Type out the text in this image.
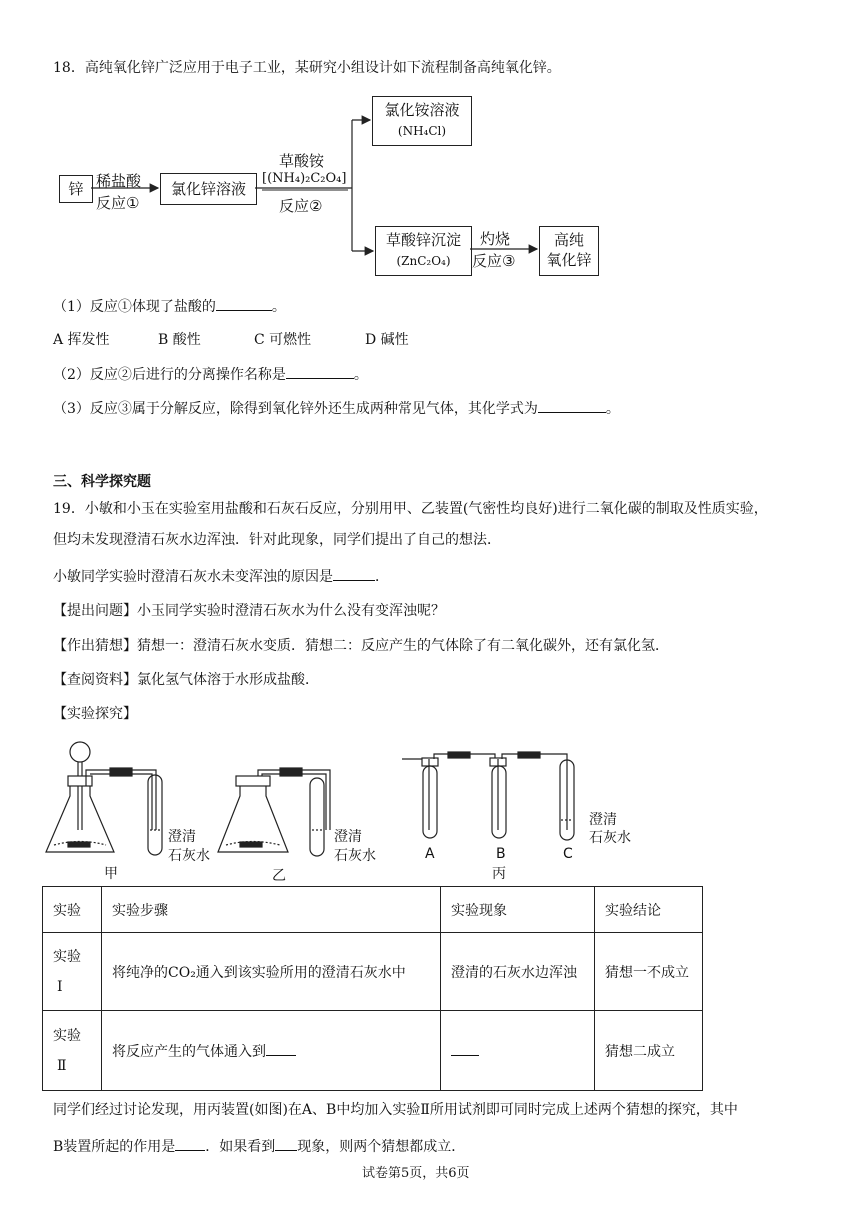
18．高纯氧化锌广泛应用于电子工业，某研究小组设计如下流程制备高纯氧化锌。
锌 稀盐酸
反应①
氯化锌溶液
草酸铵
[(NH₄)₂C₂O₄]
反应②
氯化铵溶液
(NH₄Cl)
草酸锌沉淀
(ZnC₂O₄)
灼烧
反应③
高纯
氧化锌
（1）反应①体现了盐酸的	。
A 挥发性	B 酸性	C 可燃性	D 碱性
（2）反应②后进行的分离操作名称是	。
（3）反应③属于分解反应，除得到氧化锌外还生成两种常见气体，其化学式为	。
三、科学探究题
19．小敏和小玉在实验室用盐酸和石灰石反应，分别用甲、乙装置(气密性均良好)进行二氧化碳的制取及性质实验，
但均未发现澄清石灰水边浑浊．针对此现象，同学们提出了自己的想法．
小敏同学实验时澄清石灰水未变浑浊的原因是	．
【提出问题】小玉同学实验时澄清石灰水为什么没有变浑浊呢？
【作出猜想】猜想一：澄清石灰水变质．猜想二：反应产生的气体除了有二氧化碳外，还有氯化氢．
【查阅资料】氯化氢气体溶于水形成盐酸．
【实验探究】
澄清
石灰水
澄清
石灰水
澄清
石灰水
甲	乙
A	B	C
丙
实验	实验步骤	实验现象	实验结论

实验
Ⅰ	将纯净的CO₂通入到该实验所用的澄清石灰水中	澄清的石灰水边浑浊	猜想一不成立

实验
Ⅱ	将反应产生的气体通入到		猜想二成立
同学们经过讨论发现，用丙装置(如图)在A、B中均加入实验Ⅱ所用试剂即可同时完成上述两个猜想的探究，其中
B装置所起的作用是 ．如果看到 现象，则两个猜想都成立．
试卷第5页，共6页
